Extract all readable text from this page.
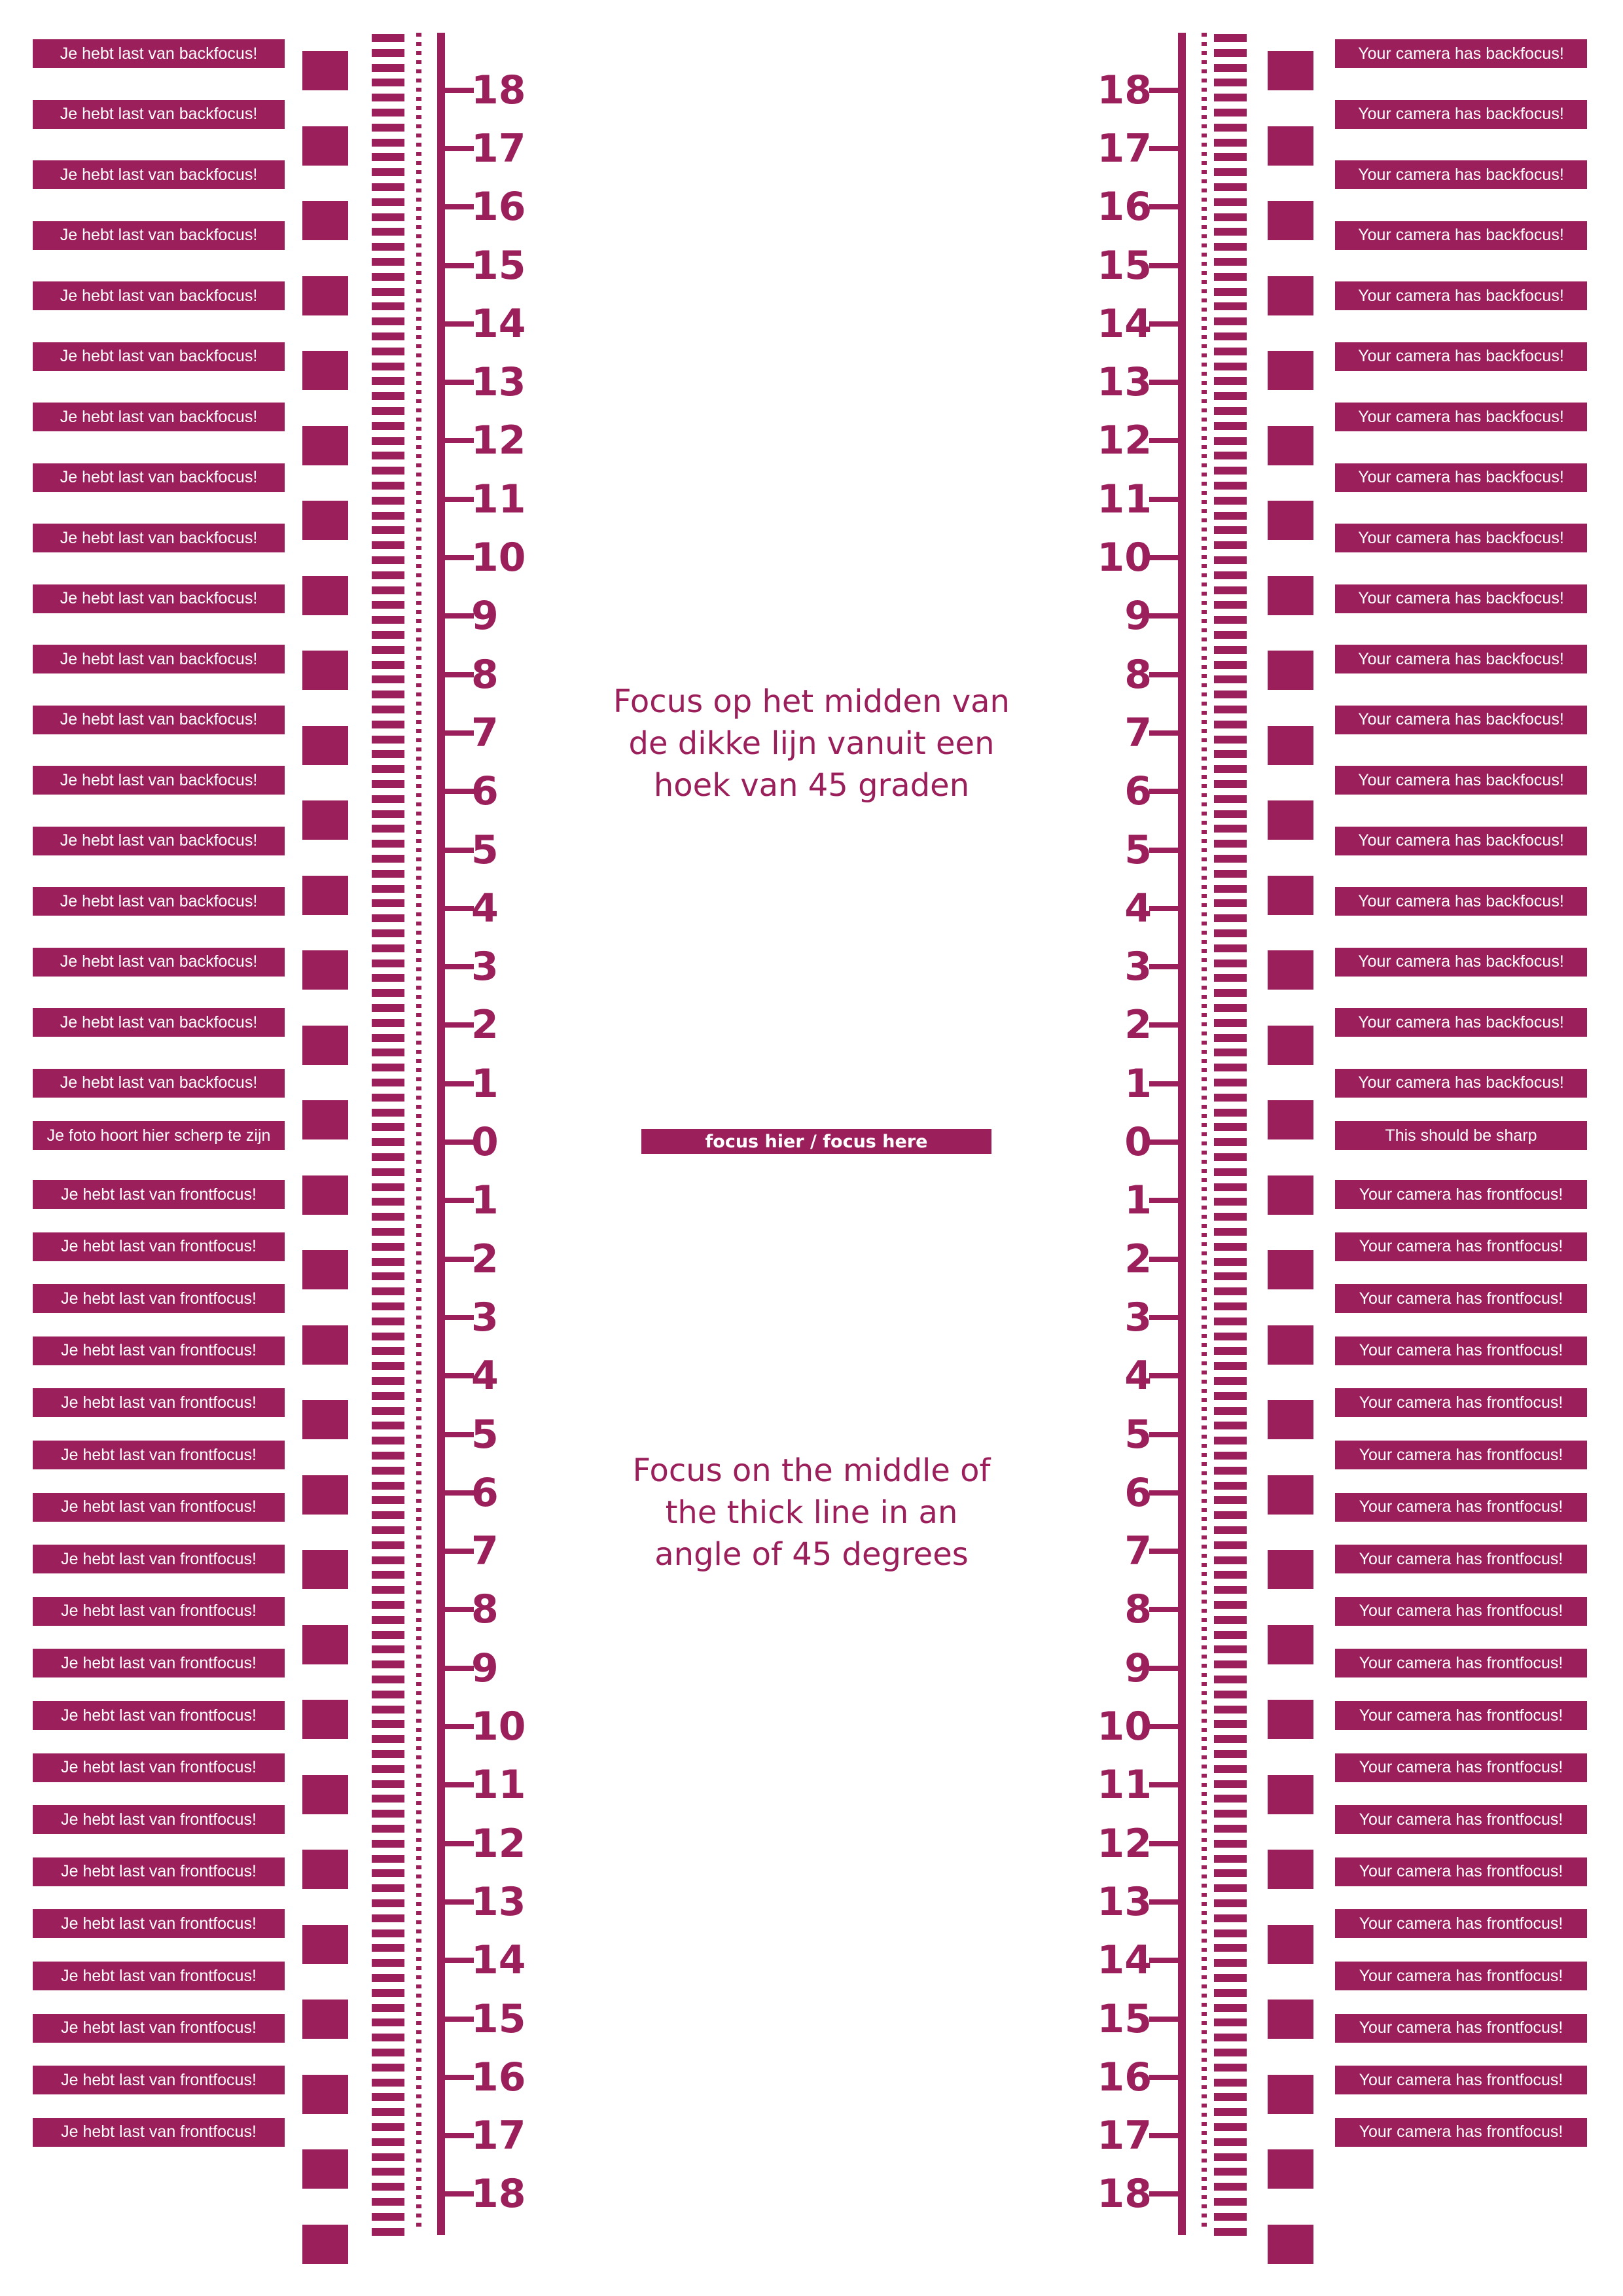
18
17
16
15
14
13
12
11
10
9
8
7
6
5
4
3
2
1
0
1
2
3
4
5
6
7
8
9
10
11
12
13
14
15
16
17
18
Je hebt last van backfocus!
Je hebt last van backfocus!
Je hebt last van backfocus!
Je hebt last van backfocus!
Je hebt last van backfocus!
Je hebt last van backfocus!
Je hebt last van backfocus!
Je hebt last van backfocus!
Je hebt last van backfocus!
Je hebt last van backfocus!
Je hebt last van backfocus!
Je hebt last van backfocus!
Je hebt last van backfocus!
Je hebt last van backfocus!
Je hebt last van backfocus!
Je hebt last van backfocus!
Je hebt last van backfocus!
Je hebt last van backfocus!
Je foto hoort hier scherp te zijn
Je hebt last van frontfocus!
Je hebt last van frontfocus!
Je hebt last van frontfocus!
Je hebt last van frontfocus!
Je hebt last van frontfocus!
Je hebt last van frontfocus!
Je hebt last van frontfocus!
Je hebt last van frontfocus!
Je hebt last van frontfocus!
Je hebt last van frontfocus!
Je hebt last van frontfocus!
Je hebt last van frontfocus!
Je hebt last van frontfocus!
Je hebt last van frontfocus!
Je hebt last van frontfocus!
Je hebt last van frontfocus!
Je hebt last van frontfocus!
Je hebt last van frontfocus!
Je hebt last van frontfocus!
18
17
16
15
14
13
12
11
10
9
8
7
6
5
4
3
2
1
0
1
2
3
4
5
6
7
8
9
10
11
12
13
14
15
16
17
18
Your camera has backfocus!
Your camera has backfocus!
Your camera has backfocus!
Your camera has backfocus!
Your camera has backfocus!
Your camera has backfocus!
Your camera has backfocus!
Your camera has backfocus!
Your camera has backfocus!
Your camera has backfocus!
Your camera has backfocus!
Your camera has backfocus!
Your camera has backfocus!
Your camera has backfocus!
Your camera has backfocus!
Your camera has backfocus!
Your camera has backfocus!
Your camera has backfocus!
This should be sharp
Your camera has frontfocus!
Your camera has frontfocus!
Your camera has frontfocus!
Your camera has frontfocus!
Your camera has frontfocus!
Your camera has frontfocus!
Your camera has frontfocus!
Your camera has frontfocus!
Your camera has frontfocus!
Your camera has frontfocus!
Your camera has frontfocus!
Your camera has frontfocus!
Your camera has frontfocus!
Your camera has frontfocus!
Your camera has frontfocus!
Your camera has frontfocus!
Your camera has frontfocus!
Your camera has frontfocus!
Your camera has frontfocus!
Focus op het midden van
de dikke lijn vanuit een
hoek van 45 graden
focus hier / focus here
Focus on the middle of
the thick line in an
angle of 45 degrees
